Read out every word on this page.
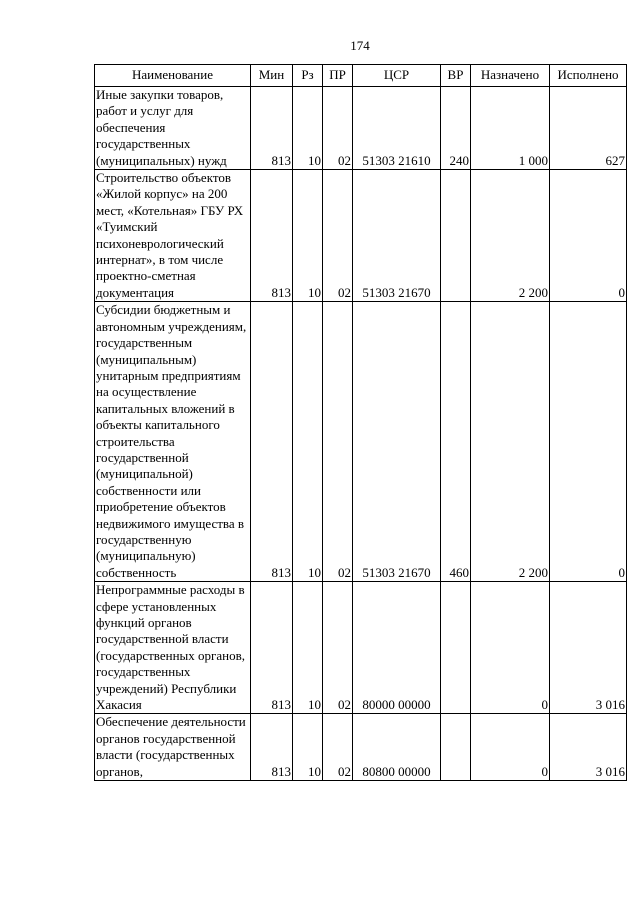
174
Наименование	Мин	Рз	ПР	ЦСР	ВР	Назначено	Исполнено
Иные закупки товаров, работ и услуг для обеспечения государственных (муниципальных) нужд	813	10	02	51303 21610	240	1 000	627
Строительство объектов «Жилой корпус» на 200 мест, «Котельная» ГБУ РХ «Туимский психоневрологический интернат», в том числе проектно-сметная документация	813	10	02	51303 21670		2 200	0
Субсидии бюджетным и автономным учреждениям, государственным (муниципальным) унитарным предприятиям на осуществление капитальных вложений в объекты капитального строительства государственной (муниципальной) собственности или приобретение объектов недвижимого имущества в государственную (муниципальную) собственность	813	10	02	51303 21670	460	2 200	0
Непрограммные расходы в сфере установленных функций органов государственной власти (государственных органов, государственных учреждений) Республики Хакасия	813	10	02	80000 00000		0	3 016
Обеспечение деятельности органов государственной власти (государственных органов,	813	10	02	80800 00000		0	3 016
